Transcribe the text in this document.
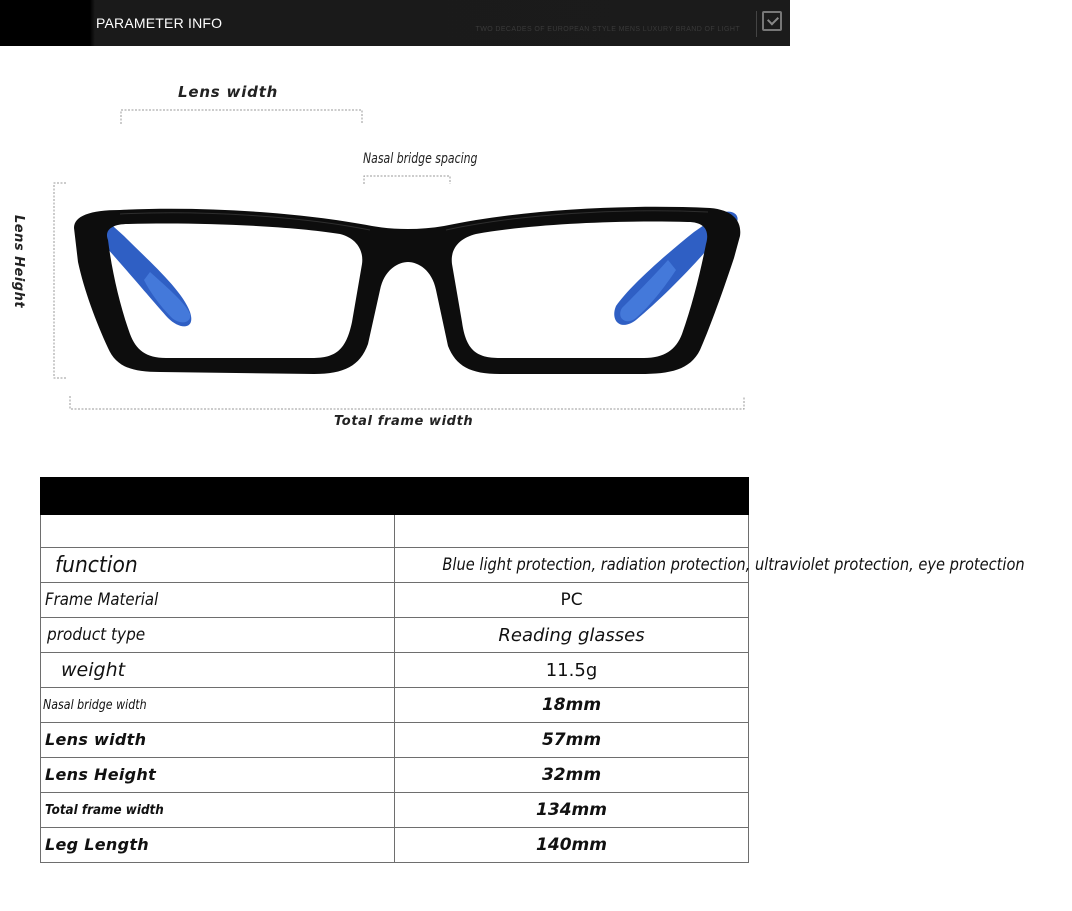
PARAMETER INFO	TWO DECADES OF EUROPEAN STYLE MENS LUXURY BRAND OF LIGHT
Lens width
Nasal bridge spacing
Lens Height
Total frame width

function	Blue light protection, radiation protection, ultraviolet protection, eye protection
Frame Material	PC
product type	Reading glasses
weight	11.5g
Nasal bridge width	18mm
Lens width	57mm
Lens Height	32mm
Total frame width	134mm
Leg Length	140mm
